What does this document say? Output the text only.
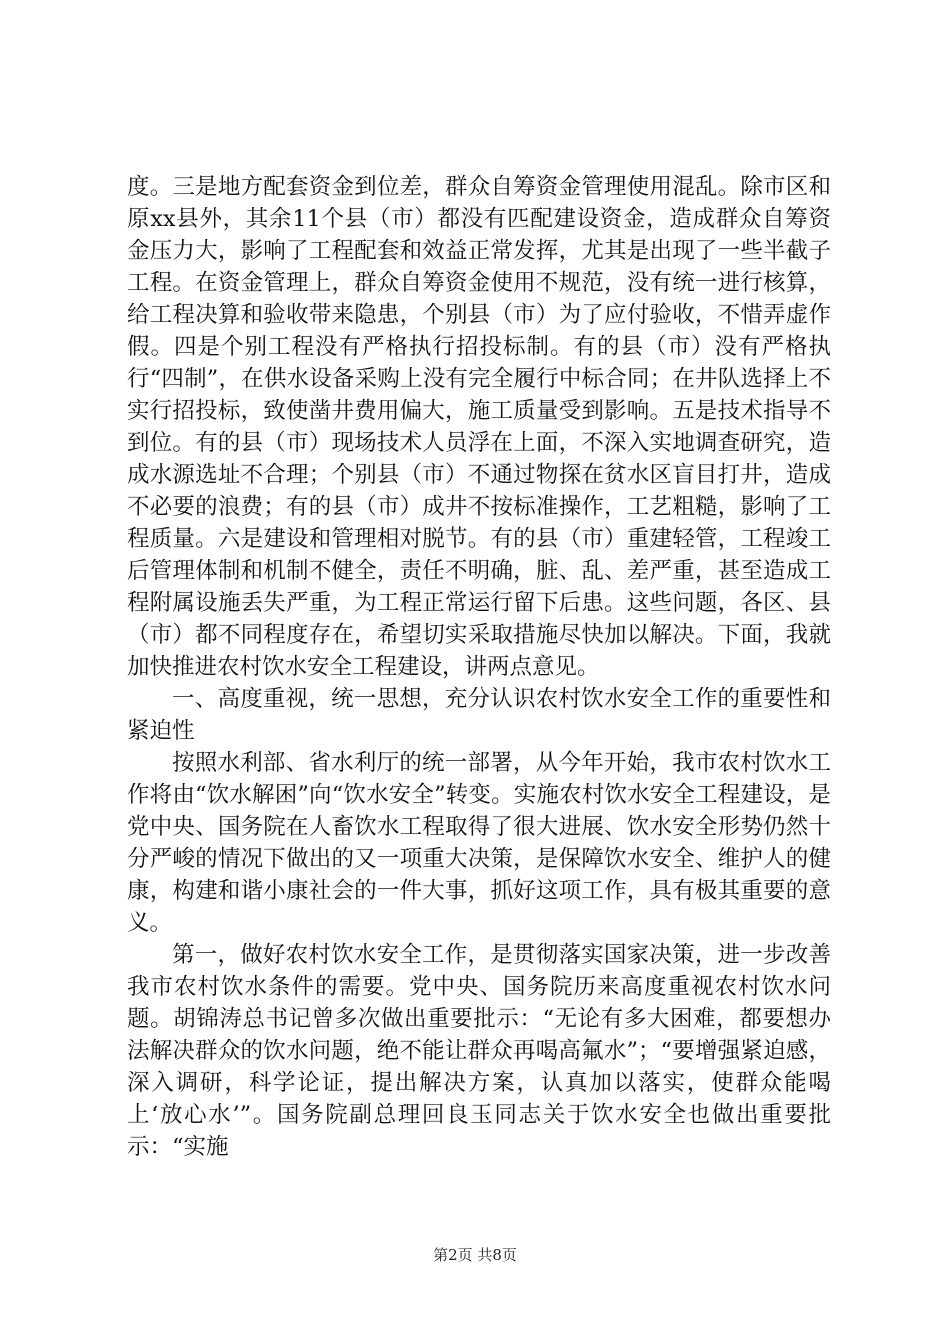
度。三是地方配套资金到位差，群众自筹资金管理使用混乱。除市区和原xx县外，其余11个县（市）都没有匹配建设资金，造成群众自筹资金压力大，影响了工程配套和效益正常发挥，尤其是出现了一些半截子工程。在资金管理上，群众自筹资金使用不规范，没有统一进行核算，给工程决算和验收带来隐患，个别县（市）为了应付验收，不惜弄虚作假。四是个别工程没有严格执行招投标制。有的县（市）没有严格执行“四制”，在供水设备采购上没有完全履行中标合同；在井队选择上不实行招投标，致使凿井费用偏大，施工质量受到影响。五是技术指导不到位。有的县（市）现场技术人员浮在上面，不深入实地调查研究，造成水源选址不合理；个别县（市）不通过物探在贫水区盲目打井，造成不必要的浪费；有的县（市）成井不按标准操作，工艺粗糙，影响了工程质量。六是建设和管理相对脱节。有的县（市）重建轻管，工程竣工后管理体制和机制不健全，责任不明确，脏、乱、差严重，甚至造成工程附属设施丢失严重，为工程正常运行留下后患。这些问题，各区、县（市）都不同程度存在，希望切实采取措施尽快加以解决。下面，我就加快推进农村饮水安全工程建设，讲两点意见。

一、高度重视，统一思想，充分认识农村饮水安全工作的重要性和紧迫性

按照水利部、省水利厅的统一部署，从今年开始，我市农村饮水工作将由“饮水解困”向“饮水安全”转变。实施农村饮水安全工程建设，是党中央、国务院在人畜饮水工程取得了很大进展、饮水安全形势仍然十分严峻的情况下做出的又一项重大决策，是保障饮水安全、维护人的健康，构建和谐小康社会的一件大事，抓好这项工作，具有极其重要的意义。

第一，做好农村饮水安全工作，是贯彻落实国家决策，进一步改善我市农村饮水条件的需要。党中央、国务院历来高度重视农村饮水问题。胡锦涛总书记曾多次做出重要批示：“无论有多大困难，都要想办法解决群众的饮水问题，绝不能让群众再喝高氟水”；“要增强紧迫感，深入调研，科学论证，提出解决方案，认真加以落实，使群众能喝上‘放心水’”。国务院副总理回良玉同志关于饮水安全也做出重要批示：“实施

第2页 共8页
